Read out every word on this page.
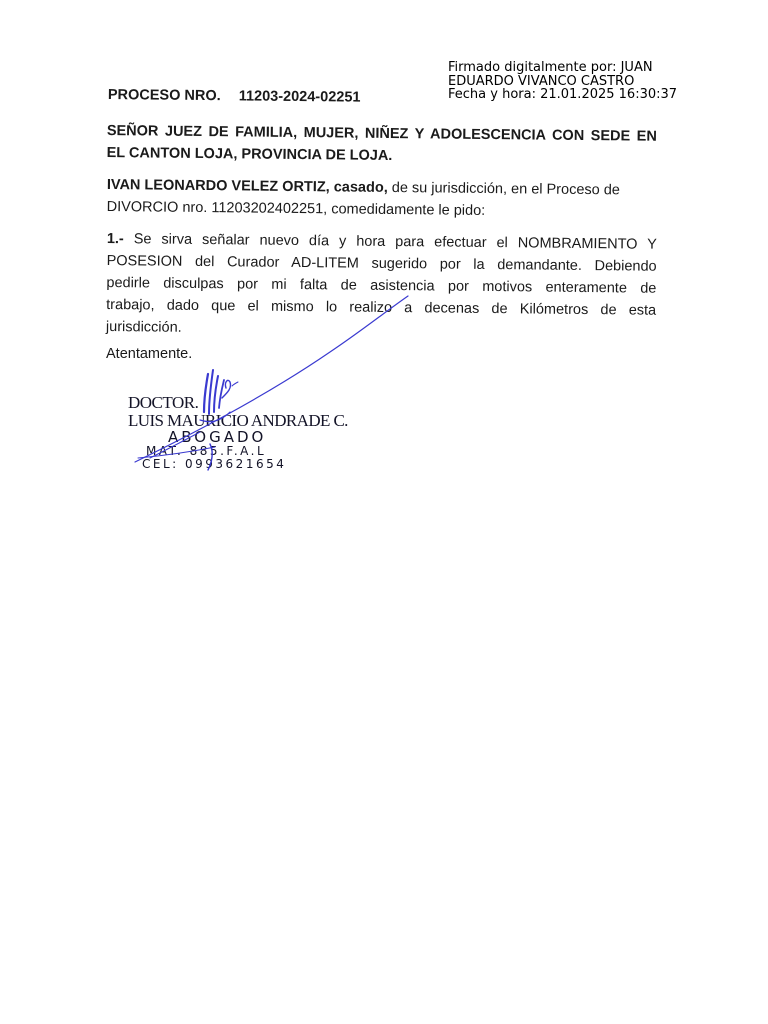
Firmado digitalmente por: JUAN
EDUARDO VIVANCO CASTRO
Fecha y hora: 21.01.2025 16:30:37
PROCESO NRO. 11203-2024-02251
SEÑOR JUEZ DE FAMILIA, MUJER, NIÑEZ Y ADOLESCENCIA CON SEDE EN
EL CANTON LOJA, PROVINCIA DE LOJA.
IVAN LEONARDO VELEZ ORTIZ, casado, de su jurisdicción, en el Proceso de
DIVORCIO nro. 11203202402251, comedidamente le pido:
1.- Se sirva señalar nuevo día y hora para efectuar el NOMBRAMIENTO Y
POSESION del Curador AD-LITEM sugerido por la demandante. Debiendo
pedirle disculpas por mi falta de asistencia por motivos enteramente de
trabajo, dado que el mismo lo realizo a decenas de Kilómetros de esta
jurisdicción.
Atentamente.
DOCTOR.
LUIS MAURICIO ANDRADE C.
ABOGADO
MAT. 885.F.A.L
CEL: 0993621654
